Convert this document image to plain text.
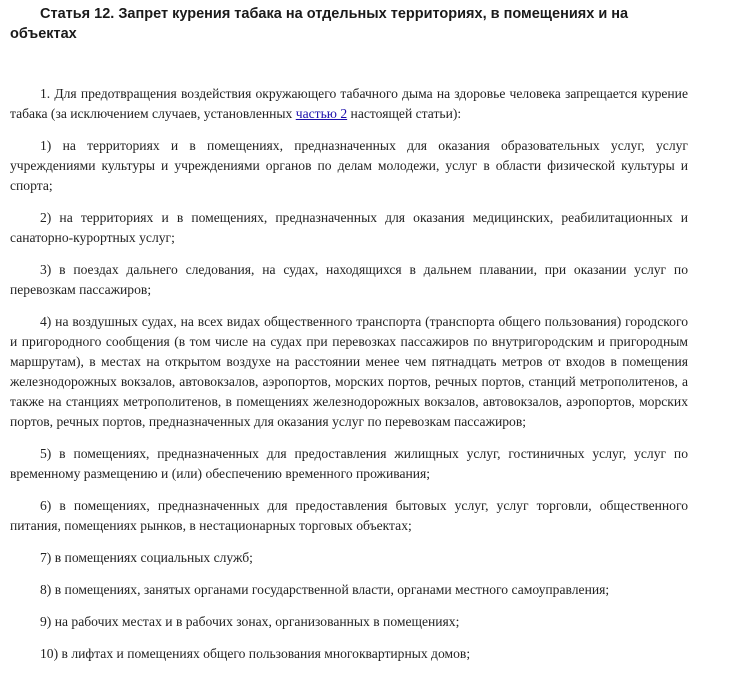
Статья 12. Запрет курения табака на отдельных территориях, в помещениях и на объектах

1. Для предотвращения воздействия окружающего табачного дыма на здоровье человека запрещается курение табака (за исключением случаев, установленных частью 2 настоящей статьи):

1) на территориях и в помещениях, предназначенных для оказания образовательных услуг, услуг учреждениями культуры и учреждениями органов по делам молодежи, услуг в области физической культуры и спорта;

2) на территориях и в помещениях, предназначенных для оказания медицинских, реабилитационных и санаторно-курортных услуг;

3) в поездах дальнего следования, на судах, находящихся в дальнем плавании, при оказании услуг по перевозкам пассажиров;

4) на воздушных судах, на всех видах общественного транспорта (транспорта общего пользования) городского и пригородного сообщения (в том числе на судах при перевозках пассажиров по внутригородским и пригородным маршрутам), в местах на открытом воздухе на расстоянии менее чем пятнадцать метров от входов в помещения железнодорожных вокзалов, автовокзалов, аэропортов, морских портов, речных портов, станций метрополитенов, а также на станциях метрополитенов, в помещениях железнодорожных вокзалов, автовокзалов, аэропортов, морских портов, речных портов, предназначенных для оказания услуг по перевозкам пассажиров;

5) в помещениях, предназначенных для предоставления жилищных услуг, гостиничных услуг, услуг по временному размещению и (или) обеспечению временного проживания;

6) в помещениях, предназначенных для предоставления бытовых услуг, услуг торговли, общественного питания, помещениях рынков, в нестационарных торговых объектах;

7) в помещениях социальных служб;

8) в помещениях, занятых органами государственной власти, органами местного самоуправления;

9) на рабочих местах и в рабочих зонах, организованных в помещениях;

10) в лифтах и помещениях общего пользования многоквартирных домов;
